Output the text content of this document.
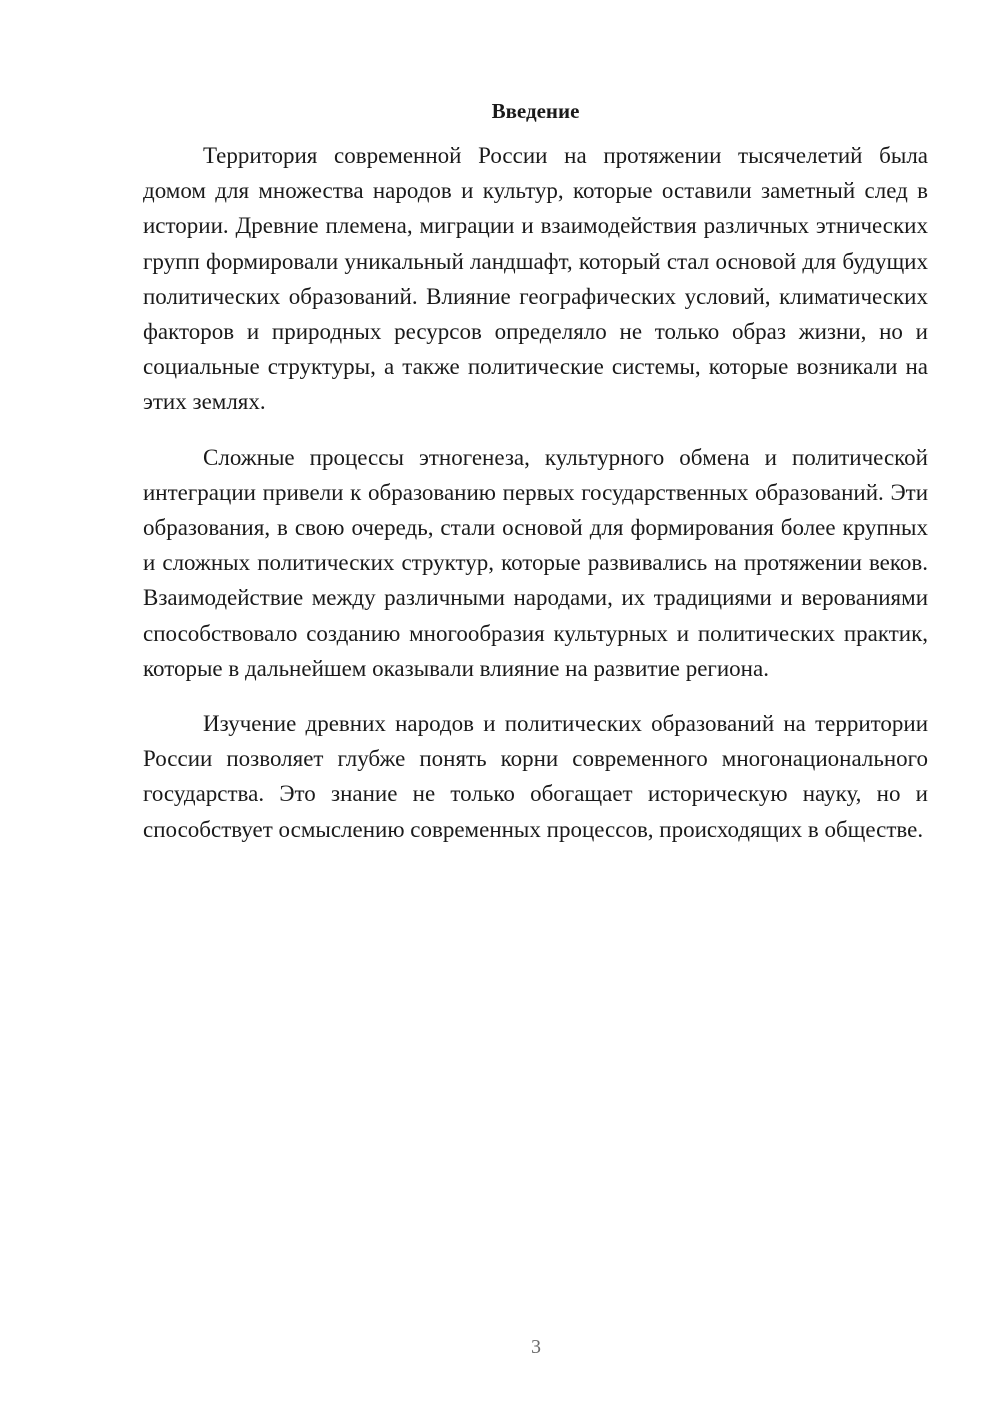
Введение

Территория современной России на протяжении тысячелетий была домом для множества народов и культур, которые оставили заметный след в истории. Древние племена, миграции и взаимодействия различных этнических групп формировали уникальный ландшафт, который стал основой для будущих политических образований. Влияние географических условий, климатических факторов и природных ресурсов определяло не только образ жизни, но и социальные структуры, а также политические системы, которые возникали на этих землях.

Сложные процессы этногенеза, культурного обмена и политической интеграции привели к образованию первых государственных образований. Эти образования, в свою очередь, стали основой для формирования более крупных и сложных политических структур, которые развивались на протяжении веков. Взаимодействие между различными народами, их традициями и верованиями способствовало созданию многообразия культурных и политических практик, которые в дальнейшем оказывали влияние на развитие региона.

Изучение древних народов и политических образований на территории России позволяет глубже понять корни современного многонационального государства. Это знание не только обогащает историческую науку, но и способствует осмыслению современных процессов, происходящих в обществе.

3
